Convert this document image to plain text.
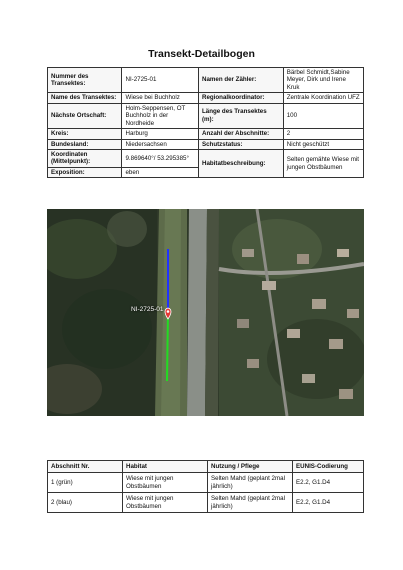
Transekt-Detailbogen
Nummer des Transektes:	NI-2725-01	Namen der Zähler:	Bärbel Schmidt,Sabine Meyer, Dirk und Irene Kruk
Name des Transektes:	Wiese bei Buchholz	Regionalkoordinator:	Zentrale Koordination UFZ
Nächste Ortschaft:	Holm-Seppensen, OT Buchholz in der Nordheide	Länge des Transektes (m):	100
Kreis:	Harburg	Anzahl der Abschnitte:	2
Bundesland:	Niedersachsen	Schutzstatus:	Nicht geschützt
Koordinaten (Mittelpunkt):	9.869640°/ 53.295385°	Habitatbeschreibung:	Selten gemähte Wiese mit jungen Obstbäumen
Exposition:	eben		
NI-2725-01
Abschnitt Nr.	Habitat	Nutzung / Pflege	EUNIS-Codierung
1 (grün)	Wiese mit jungen Obstbäumen	Selten Mahd (geplant 2mal jährlich)	E2.2, G1.D4
2 (blau)	Wiese mit jungen Obstbäumen	Selten Mahd (geplant 2mal jährlich)	E2.2, G1.D4
